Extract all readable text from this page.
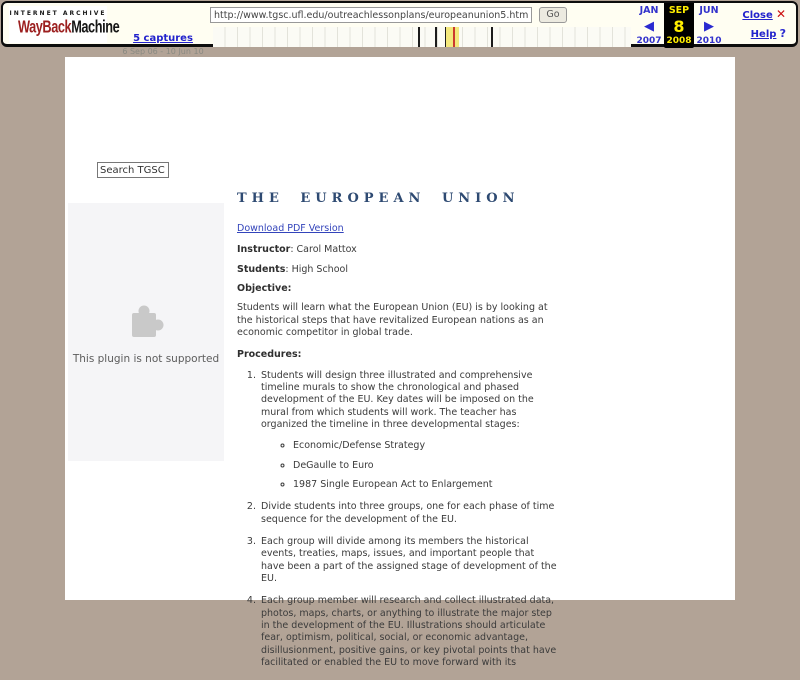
INTERNET ARCHIVE
WayBackMachine
5 captures
6 Sep 06 - 10 Jun 10
http://www.tgsc.ufl.edu/outreachlessonplans/europeanunion5.htm
Go	JAN
◀
2007
SEP
8
2008
JUN
▶
2010
Close ✕
Help ?
Search TGSC
This plugin is not supported
THE EUROPEAN UNION
Download PDF Version
Instructor: Carol Mattox
Students: High School
Objective:
Students will learn what the European Union (EU) is by looking at the historical steps that have revitalized European nations as an economic competitor in global trade.
Procedures:
1. Students will design three illustrated and comprehensive timeline murals to show the chronological and phased development of the EU. Key dates will be imposed on the mural from which students will work. The teacher has organized the timeline in three developmental stages:
◦ Economic/Defense Strategy
◦ DeGaulle to Euro
◦ 1987 Single European Act to Enlargement
2. Divide students into three groups, one for each phase of time sequence for the development of the EU.
3. Each group will divide among its members the historical events, treaties, maps, issues, and important people that have been a part of the assigned stage of development of the EU.
4. Each group member will research and collect illustrated data, photos, maps, charts, or anything to illustrate the major step in the development of the EU. Illustrations should articulate fear, optimism, political, social, or economic advantage, disillusionment, positive gains, or key pivotal points that have facilitated or enabled the EU to move forward with its
